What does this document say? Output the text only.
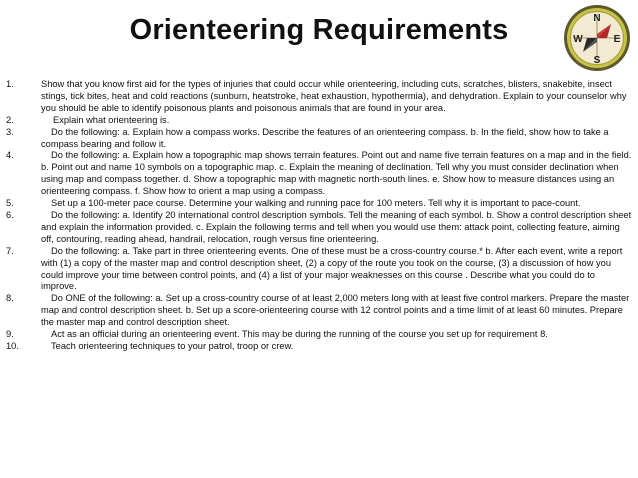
Orienteering Requirements	N
S
E
W
1.	Show that you know first aid for the types of injuries that could occur while orienteering, including cuts, scratches, blisters, snakebite, insect stings, tick bites, heat and cold reactions (sunburn, heatstroke, heat exhaustion, hypothermia), and dehydration. Explain to your counselor why you should be able to identify poisonous plants and poisonous animals that are found in your area.
2.	Explain what orienteering is.
3.	Do the following: a. Explain how a compass works. Describe the features of an orienteering compass. b. In the field, show how to take a compass bearing and follow it.
4.	Do the following: a. Explain how a topographic map shows terrain features. Point out and name five terrain features on a map and in the field. b. Point out and name 10 symbols on a topographic map. c. Explain the meaning of declination. Tell why you must consider declination when using map and compass together. d. Show a topographic map with magnetic north-south lines. e. Show how to measure distances using an orienteering compass. f. Show how to orient a map using a compass.
5.	Set up a 100-meter pace course. Determine your walking and running pace for 100 meters. Tell why it is important to pace-count.
6.	Do the following: a. Identify 20 international control description symbols. Tell the meaning of each symbol. b. Show a control description sheet and explain the information provided. c. Explain the following terms and tell when you would use them: attack point, collecting feature, aiming off, contouring, reading ahead, handrail, relocation, rough versus fine orienteering.
7.	Do the following: a. Take part in three orienteering events. One of these must be a cross-country course.* b. After each event, write a report with (1) a copy of the master map and control description sheet, (2) a copy of the route you took on the course, (3) a discussion of how you could improve your time between control points, and (4) a list of your major weaknesses on this course . Describe what you could do to improve.
8.	Do ONE of the following: a. Set up a cross-country course of at least 2,000 meters long with at least five control markers. Prepare the master map and control description sheet. b. Set up a score-orienteering course with 12 control points and a time limit of at least 60 minutes. Prepare the master map and control description sheet.
9.	Act as an official during an orienteering event. This may be during the running of the course you set up for requirement 8.
10.	Teach orienteering techniques to your patrol, troop or crew.
